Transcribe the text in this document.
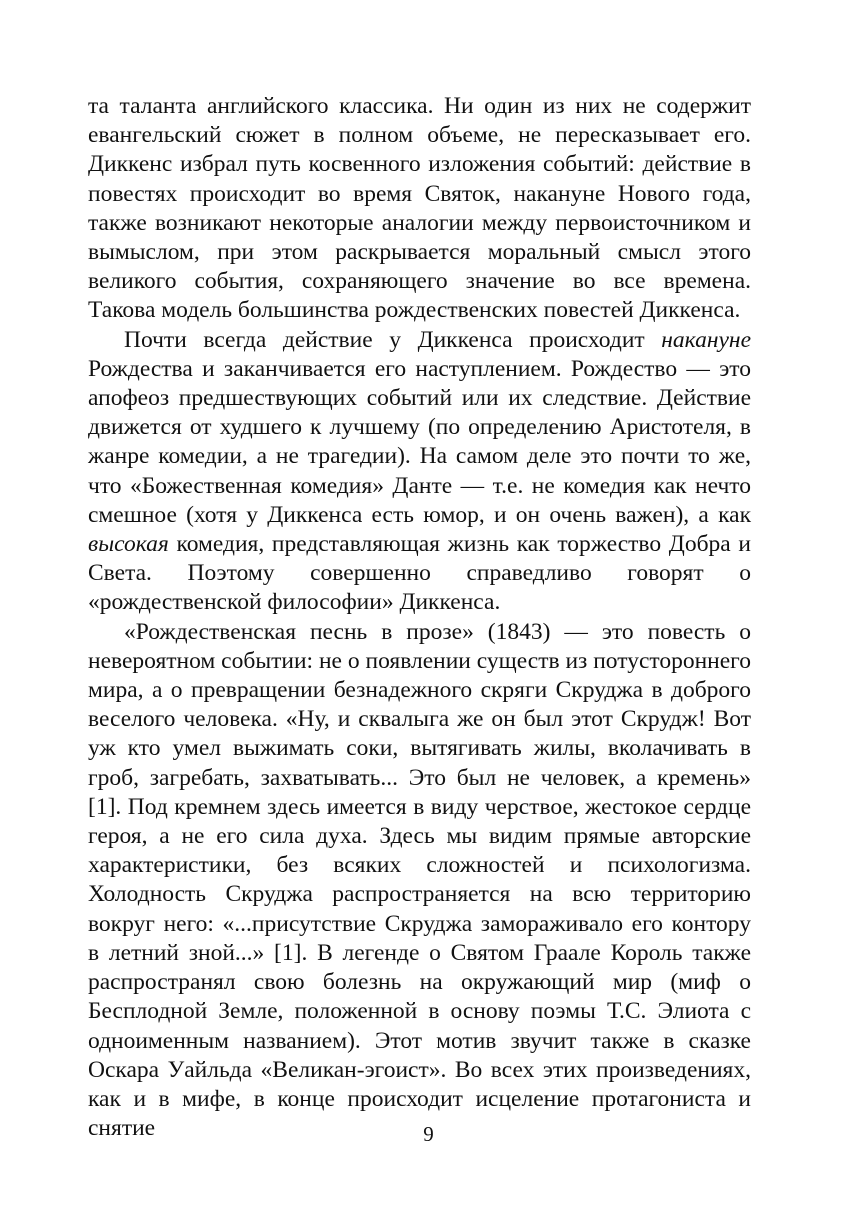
та таланта английского классика. Ни один из них не содержит евангельский сюжет в полном объеме, не пересказывает его. Диккенс избрал путь косвенного изложения событий: действие в повестях происходит во время Святок, накануне Нового года, также возникают некоторые аналогии между первоисточником и вымыслом, при этом раскрывается моральный смысл этого великого события, сохраняющего значение во все времена. Такова модель большинства рождественских повестей Диккенса.

Почти всегда действие у Диккенса происходит накануне Рождества и заканчивается его наступлением. Рождество — это апофеоз предшествующих событий или их следствие. Действие движется от худшего к лучшему (по определению Аристотеля, в жанре комедии, а не трагедии). На самом деле это почти то же, что «Божественная комедия» Данте — т.е. не комедия как нечто смешное (хотя у Диккенса есть юмор, и он очень важен), а как высокая комедия, представляющая жизнь как торжество Добра и Света. Поэтому совершенно справедливо говорят о «рождественской философии» Диккенса.

«Рождественская песнь в прозе» (1843) — это повесть о невероятном событии: не о появлении существ из потустороннего мира, а о превращении безнадежного скряги Скруджа в доброго веселого человека. «Ну, и сквалыга же он был этот Скрудж! Вот уж кто умел выжимать соки, вытягивать жилы, вколачивать в гроб, загребать, захватывать... Это был не человек, а кремень» [1]. Под кремнем здесь имеется в виду черствое, жестокое сердце героя, а не его сила духа. Здесь мы видим прямые авторские характеристики, без всяких сложностей и психологизма. Холодность Скруджа распространяется на всю территорию вокруг него: «...присутствие Скруджа замораживало его контору в летний зной...» [1]. В легенде о Святом Граале Король также распространял свою болезнь на окружающий мир (миф о Бесплодной Земле, положенной в основу поэмы Т.С. Элиота с одноименным названием). Этот мотив звучит также в сказке Оскара Уайльда «Великан-эгоист». Во всех этих произведениях, как и в мифе, в конце происходит исцеление протагониста и снятие	9
